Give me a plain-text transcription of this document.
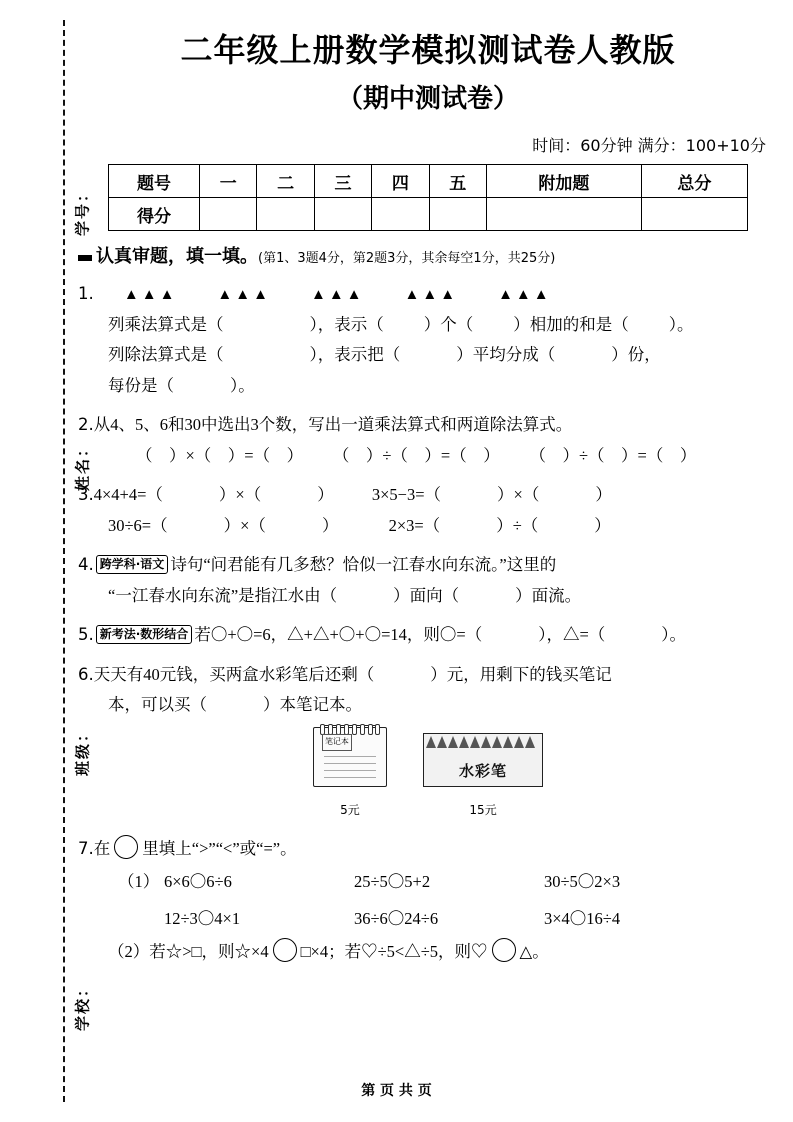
学号：
姓名：
班级：
学校：
二年级上册数学模拟测试卷人教版
（期中测试卷）
时间：60分钟 满分：100+10分
题号	一	二	三	四	五	附加题	总分
得分							
认真审题，填一填。(第1、3题4分，第2题3分，其余每空1分，共25分)
1. ▲▲▲	▲▲▲	▲▲▲	▲▲▲	▲▲▲
列乘法算式是（	），表示（ ）个（ ）相加的和是（ ）。
列除法算式是（	），表示把（	）平均分成（	）份，
每份是（	）。
2.从4、5、6和30中选出3个数，写出一道乘法算式和两道除法算式。
（　）×（　）=（　） （　）÷（　）=（　） （　）÷（　）=（　）
3.4×4+4=（	）×（	） 3×5−3=（	）×（	）
30÷6=（	）×（	）	2×3=（	）÷（	）
4. 跨学科·语文 诗句“问君能有几多愁？恰似一江春水向东流。”这里的
“一江春水向东流”是指江水由（	）面向（	）面流。
5. 新考法·数形结合 若〇+〇=6，△+△+〇+〇=14，则〇=（	），△=（	）。
6.天天有40元钱，买两盒水彩笔后还剩（	）元，用剩下的钱买笔记
本，可以买（	）本笔记本。
笔记本
5元

水彩笔
15元
7.在 里填上“>”“<”或“=”。
（1） 6×6〇6÷6	25÷5〇5+2	30÷5〇2×3
12÷3〇4×1	36÷6〇24÷6	3×4〇16÷4
（2）若☆>□，则☆×4 □×4；若♡÷5<△÷5，则♡ △。
第 页 共 页
